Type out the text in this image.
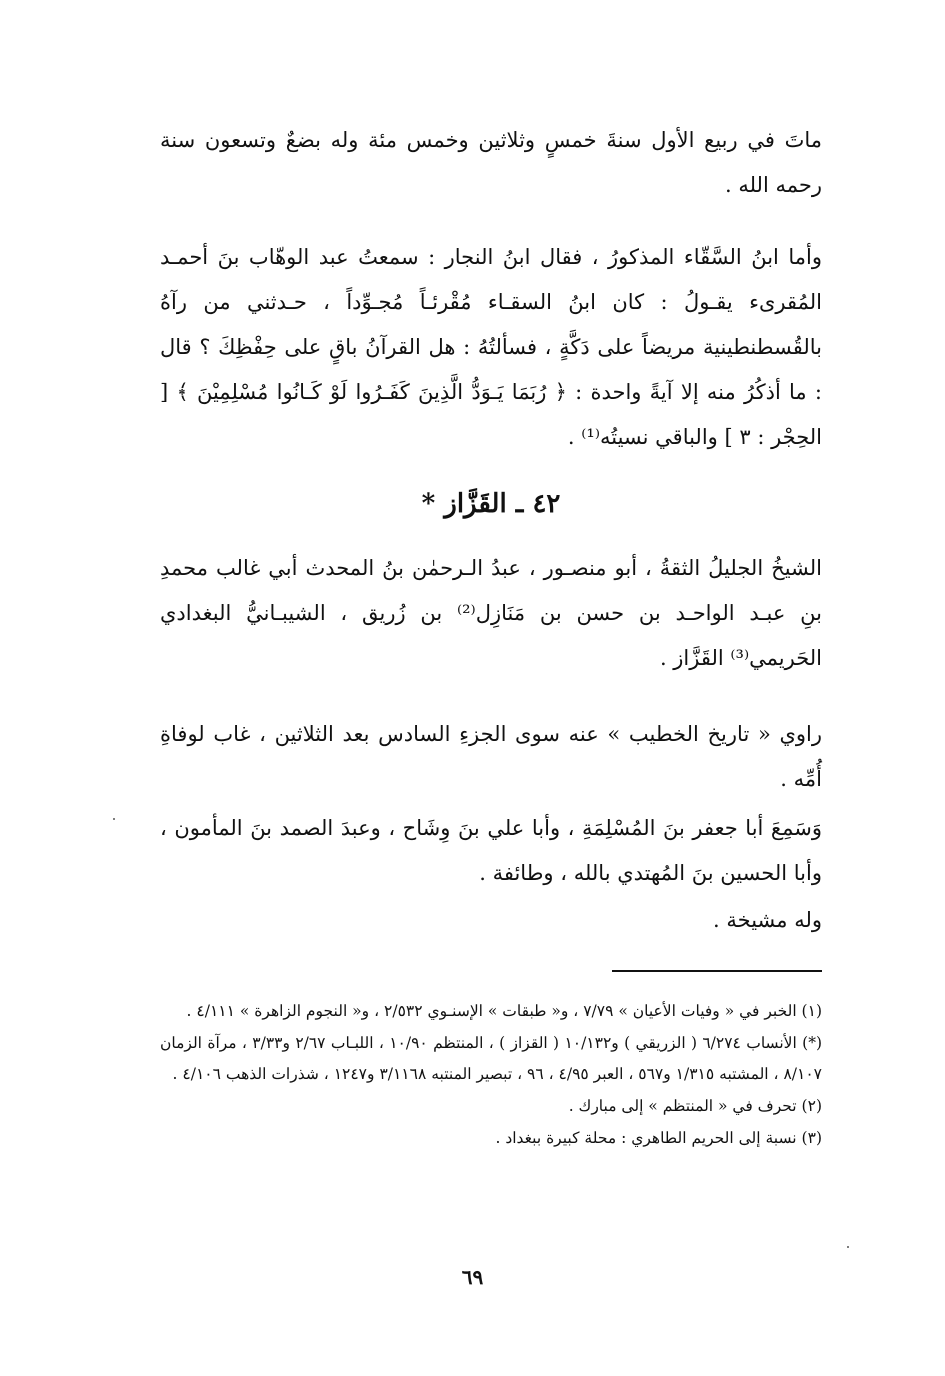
ماتَ في ربيع الأول سنةَ خمسٍ وثلاثين وخمس مئة وله بضعٌ وتسعون سنة رحمه الله .

وأما ابنُ السَّقّاء المذكورُ ، فقال ابنُ النجار : سمعتُ عبد الوهّاب بنَ أحمـد المُقرىء يقـولُ : كان ابنُ السقـاء مُقْرئـاً مُجـوِّداً ، حـدثني من رآهُ بالقُسطنطينية مريضاً على دَكَّةٍ ، فسألتُهُ : هل القرآنُ باقٍ على حِفْظِكَ ؟ قال : ما أذكُرُ منه إلا آيةً واحدة : ﴿ رُبَمَا يَـوَدُّ الَّذِينَ كَفَـرُوا لَوْ كَـانُوا مُسْلِمِيْنَ ﴾ [ الحِجْر : ٣ ] والباقي نسيتُه⁽¹⁾ .

٤٢ ـ القَزَّاز *

الشيخُ الجليلُ الثقةُ ، أبو منصـور ، عبدُ الـرحمٰن بنُ المحدث أبي غالب محمدِ بنِ عبـد الواحـد بن حسن بن مَنَازِل⁽²⁾ بن زُريق ، الشيبـانيُّ البغدادي الحَريمي⁽³⁾ القَزَّاز .

راوي « تاريخ الخطيب » عنه سوى الجزءِ السادس بعد الثلاثين ، غاب لوفاةِ أُمِّه .

وَسَمِعَ أبا جعفر بنَ المُسْلِمَةِ ، وأبا علي بنَ وِشَاح ، وعبدَ الصمد بنَ المأمون ، وأبا الحسين بنَ المُهتدي بالله ، وطائفة .

وله مشيخة .

(١) الخبر في « وفيات الأعيان » ٧/٧٩ ، و« طبقات » الإسنـوي ٢/٥٣٢ ، و« النجوم الزاهرة » ٤/١١١ .

(*) الأنساب ٦/٢٧٤ ( الزريقي ) و١٠/١٣٢ ( القزاز ) ، المنتظم ١٠/٩٠ ، اللبـاب ٢/٦٧ و٣/٣٣ ، مرآة الزمان ٨/١٠٧ ، المشتبه ١/٣١٥ و٥٦٧ ، العبر ٤/٩٥ ، ٩٦ ، تبصير المنتبه ٣/١١٦٨ و١٢٤٧ ، شذرات الذهب ٤/١٠٦ .

(٢) تحرف في « المنتظم » إلى مبارك .

(٣) نسبة إلى الحريم الطاهري : محلة كبيرة ببغداد .

٦٩
